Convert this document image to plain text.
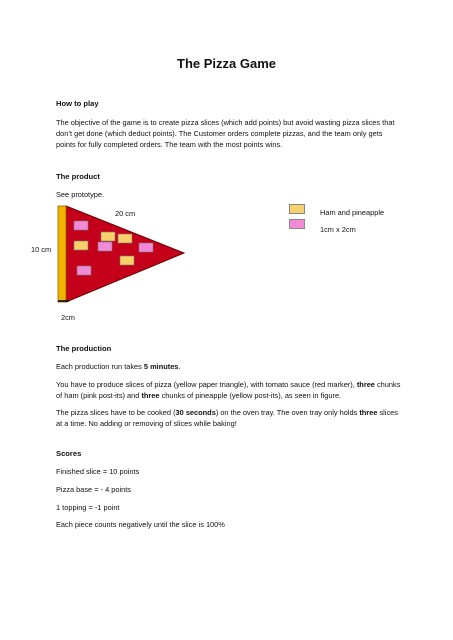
The Pizza Game
How to play
The objective of the game is to create pizza slices (which add points) but avoid wasting pizza slices that don’t get done (which deduct points). The Customer orders complete pizzas, and the team only gets points for fully completed orders. The team with the most points wins.
The product
See prototype.
20 cm
10 cm
2cm
Ham and pineapple
1cm x 2cm
The production
Each production run takes 5 minutes.
You have to produce slices of pizza (yellow paper triangle), with tomato sauce (red marker), three chunks of ham (pink post-its) and three chunks of pineapple (yellow post-its), as seen in figure.
The pizza slices have to be cooked (30 seconds) on the oven tray. The oven tray only holds three slices at a time. No adding or removing of slices while baking!
Scores
Finished slice = 10 points
Pizza base = - 4 points
1 topping = -1 point
Each piece counts negatively until the slice is 100%
